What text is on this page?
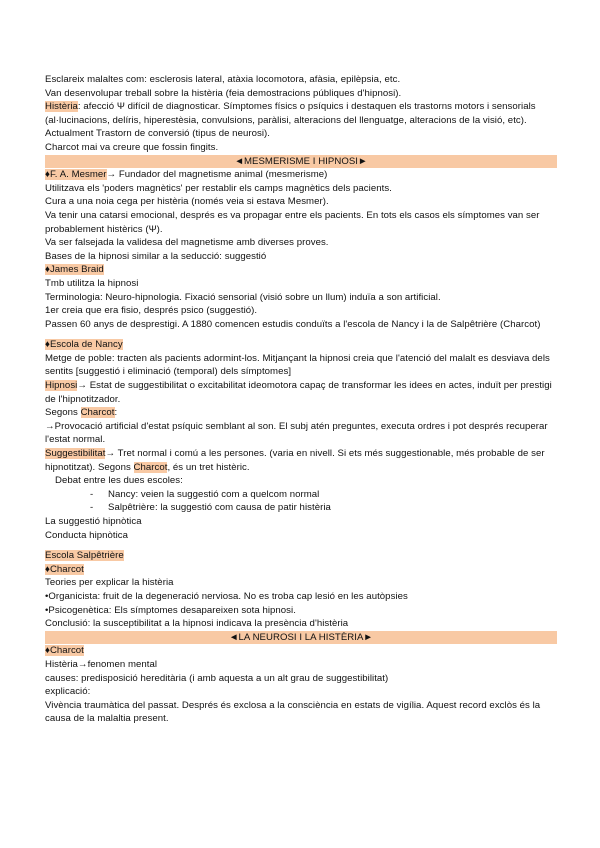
Esclareix malaltes com: esclerosis lateral, atàxia locomotora, afàsia, epilèpsia, etc.

Van desenvolupar treball sobre la histèria (feia demostracions públiques d'hipnosi).

Histèria: afecció Ψ difícil de diagnosticar. Símptomes físics o psíquics i destaquen els trastorns motors i sensorials (al·lucinacions, delíris, hiperestèsia, convulsions, paràlisi, alteracions del llenguatge, alteracions de la visió, etc). Actualment Trastorn de conversió (tipus de neurosi).

Charcot mai va creure que fossin fingits.

◄MESMERISME I HIPNOSI►

♦F. A. Mesmer→ Fundador del magnetisme animal (mesmerisme)

Utilitzava els 'poders magnètics' per restablir els camps magnètics dels pacients.

Cura a una noia cega per histèria (només veia si estava Mesmer).

Va tenir una catarsi emocional, després es va propagar entre els pacients. En tots els casos els símptomes van ser probablement histèrics (Ψ).

Va ser falsejada la validesa del magnetisme amb diverses proves.

Bases de la hipnosi similar a la seducció: suggestió

♦James Braid

Tmb utilitza la hipnosi

Terminologia: Neuro-hipnologia. Fixació sensorial (visió sobre un llum) induïa a son artificial.

1er creia que era fisio, després psico (suggestió).

Passen 60 anys de desprestigi. A 1880 comencen estudis conduïts a l'escola de Nancy i la de Salpêtrière (Charcot)

♦Escola de Nancy

Metge de poble: tracten als pacients adormint-los. Mitjançant la hipnosi creia que l'atenció del malalt es desviava dels sentits [suggestió i eliminació (temporal) dels símptomes]

Hipnosi→ Estat de suggestibilitat o excitabilitat ideomotora capaç de transformar les idees en actes, induït per prestigi de l'hipnotitzador.

Segons Charcot:

→Provocació artificial d'estat psíquic semblant al son. El subj atén preguntes, executa ordres i pot després recuperar l'estat normal.

Suggestibilitat→ Tret normal i comú a les persones. (varia en nivell. Si ets més suggestionable, més probable de ser hipnotitzat). Segons Charcot, és un tret histèric.

Debat entre les dues escoles:

- Nancy: veien la suggestió com a quelcom normal

- Salpêtrière: la suggestió com causa de patir histèria

La suggestió hipnòtica

Conducta hipnòtica

Escola Salpêtrière

♦Charcot

Teories per explicar la histèria

•Organicista: fruit de la degeneració nerviosa. No es troba cap lesió en les autòpsies

•Psicogenètica: Els símptomes desapareixen sota hipnosi.

Conclusió: la susceptibilitat a la hipnosi indicava la presència d'histèria

◄LA NEUROSI I LA HISTÈRIA►

♦Charcot

Histèria→fenomen mental

causes: predisposició hereditària (i amb aquesta a un alt grau de suggestibilitat)

explicació:

Vivència traumàtica del passat. Després és exclosa a la consciència en estats de vigília. Aquest record exclòs és la causa de la malaltia present.
